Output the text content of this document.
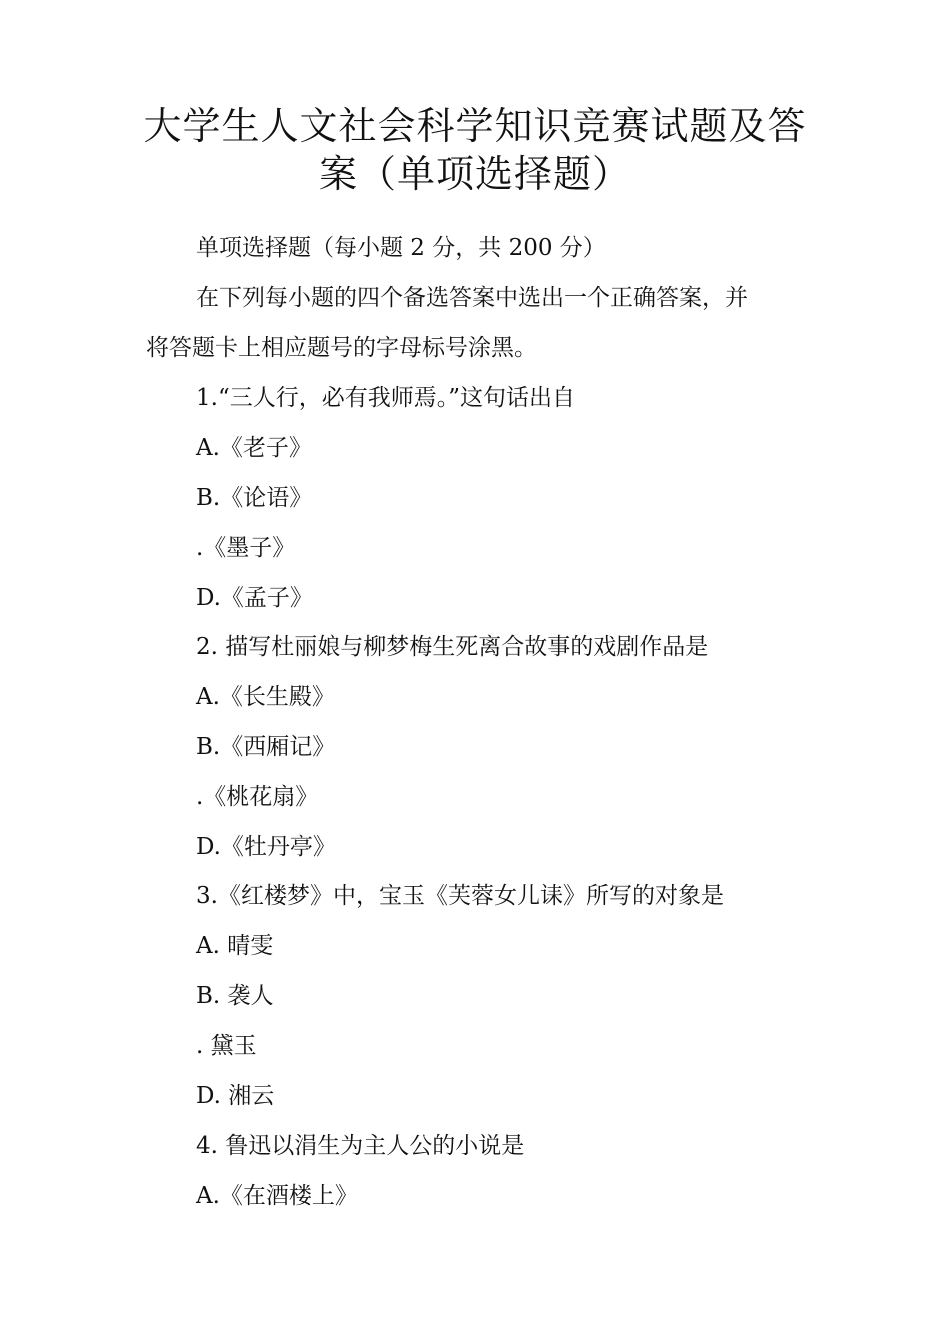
大学生人文社会科学知识竞赛试题及答
案（单项选择题）

单项选择题（每小题 2 分，共 200 分）

在下列每小题的四个备选答案中选出一个正确答案，并

将答题卡上相应题号的字母标号涂黑。

1.“三人行，必有我师焉。”这句话出自

A.《老子》

B.《论语》

.《墨子》

D.《孟子》

2. 描写杜丽娘与柳梦梅生死离合故事的戏剧作品是

A.《长生殿》

B.《西厢记》

.《桃花扇》

D.《牡丹亭》

3.《红楼梦》中，宝玉《芙蓉女儿诔》所写的对象是

A. 晴雯

B. 袭人

. 黛玉

D. 湘云

4. 鲁迅以涓生为主人公的小说是

A.《在酒楼上》
